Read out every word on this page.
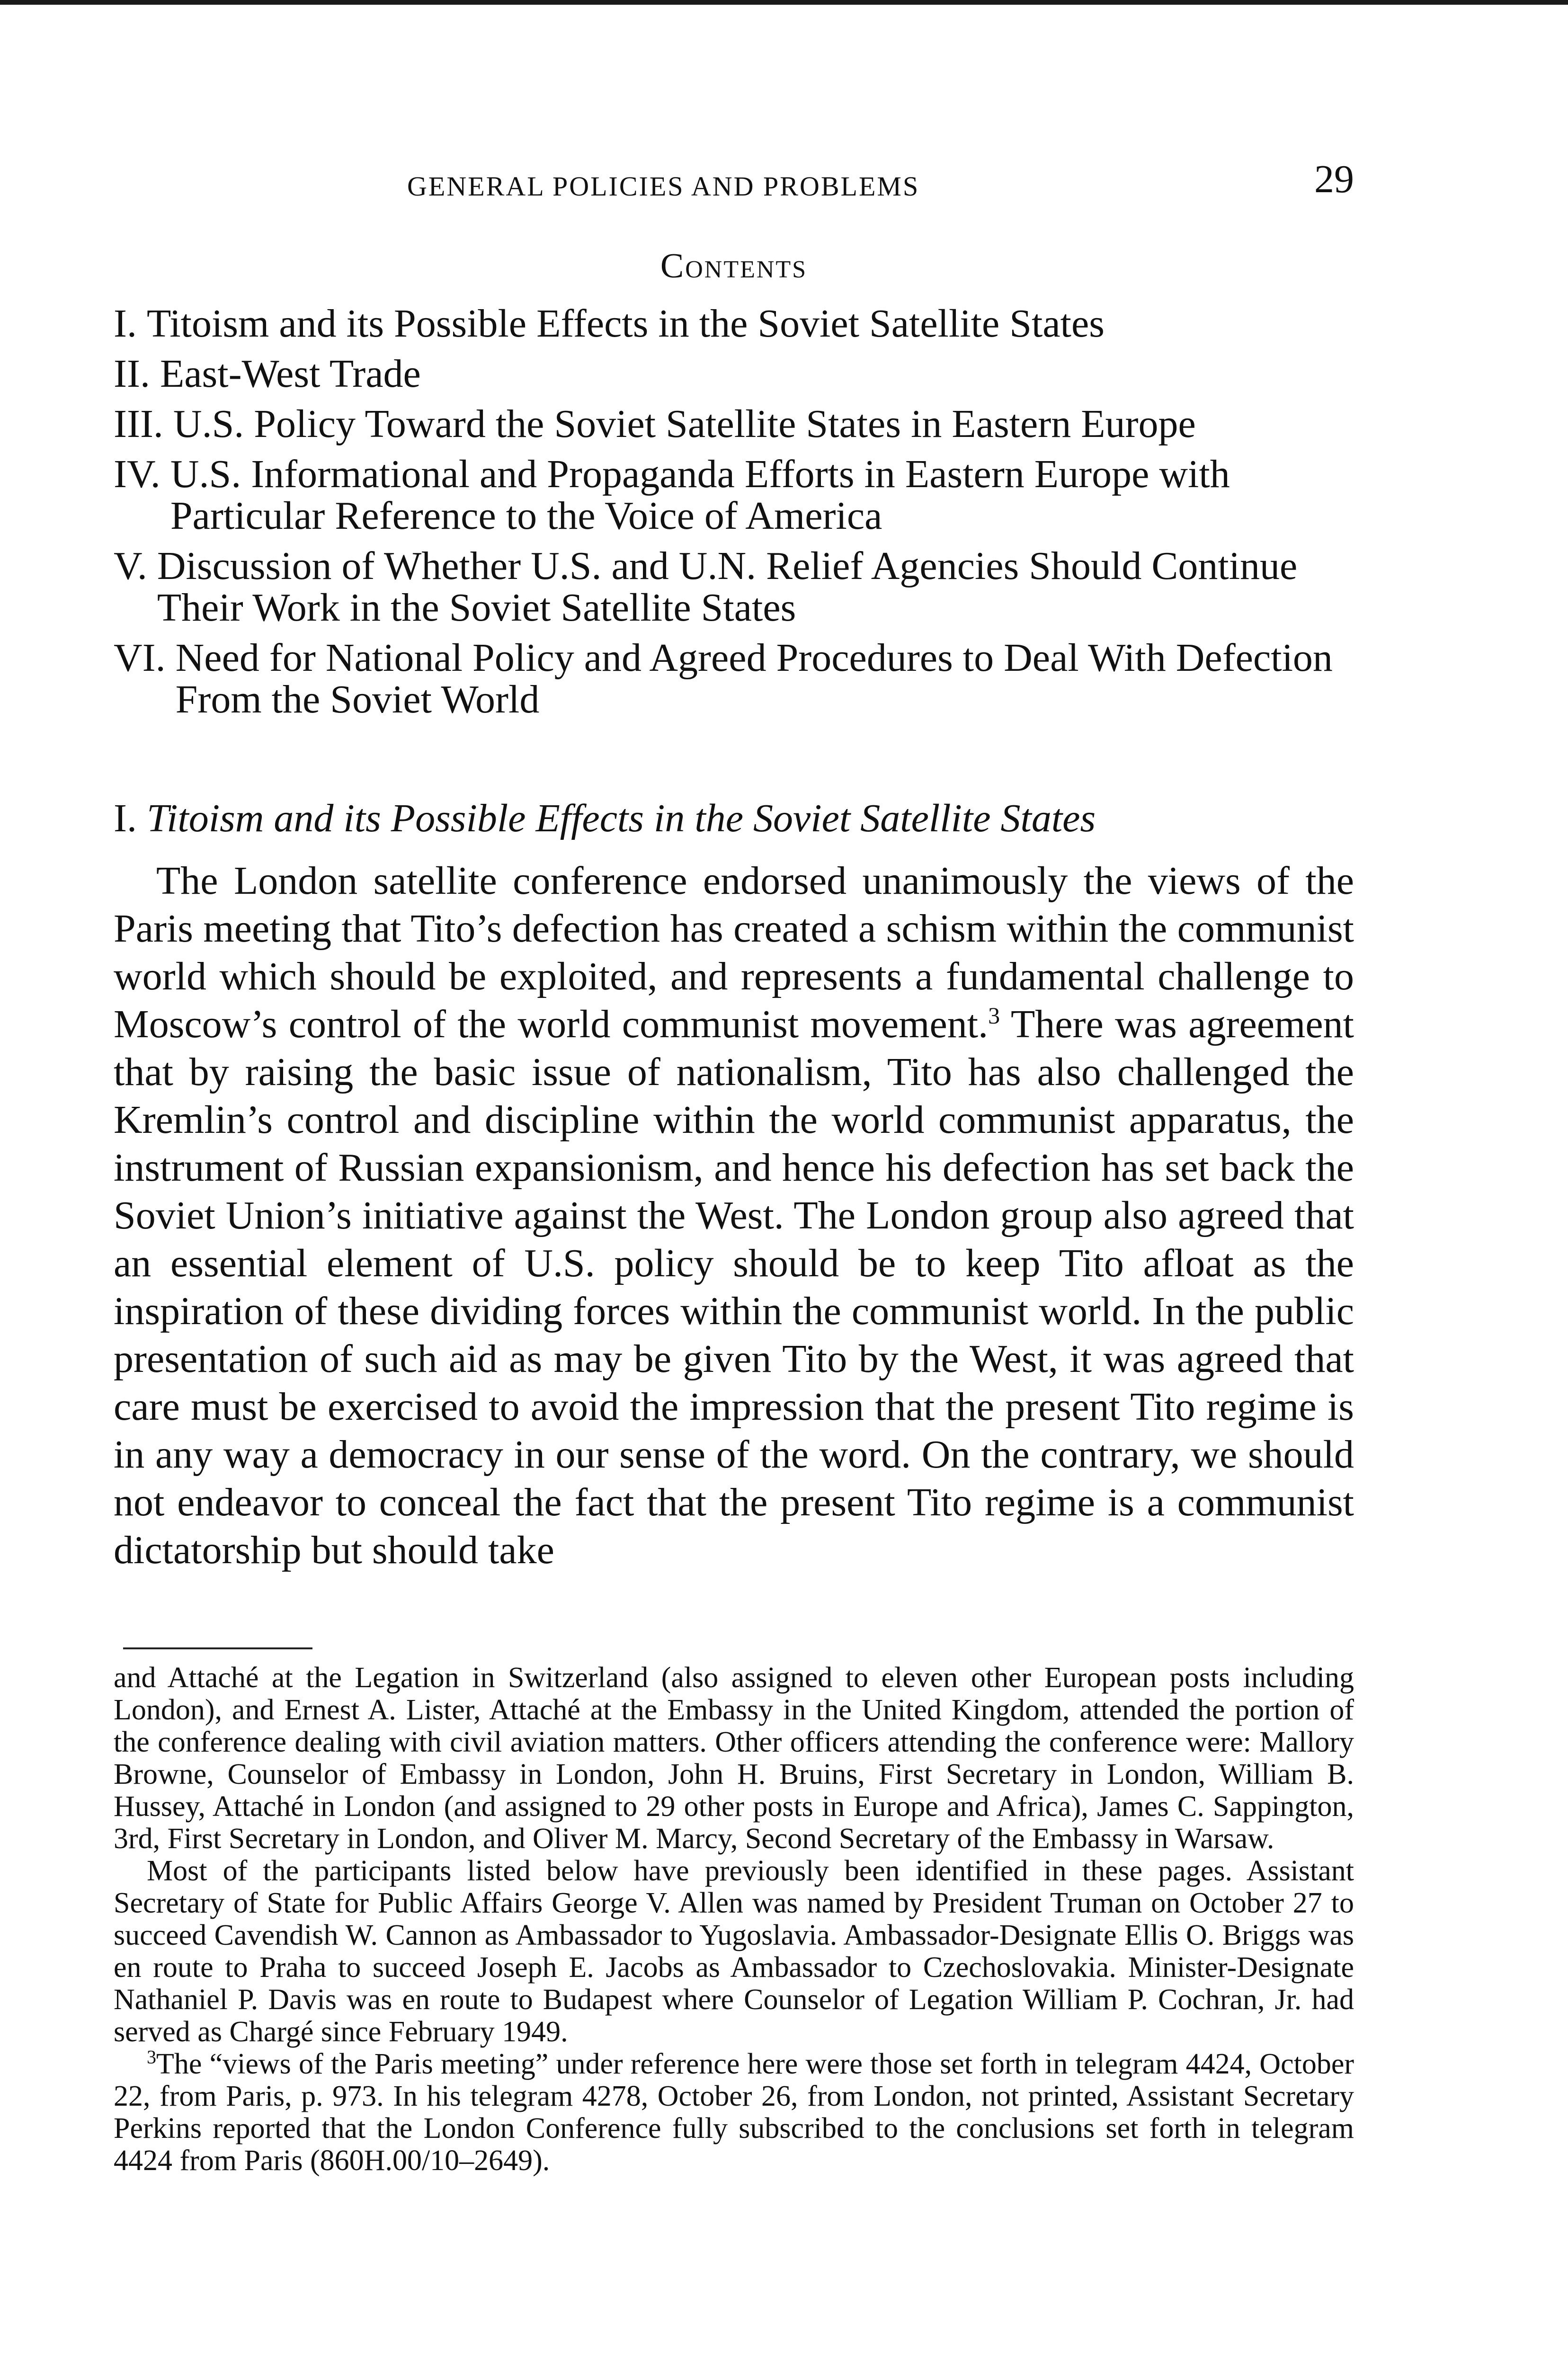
GENERAL POLICIES AND PROBLEMS	29
Contents
I. Titoism and its Possible Effects in the Soviet Satellite States
II. East-West Trade
III. U.S. Policy Toward the Soviet Satellite States in Eastern Europe
IV. U.S. Informational and Propaganda Efforts in Eastern Europe with Particular Reference to the Voice of America
V. Discussion of Whether U.S. and U.N. Relief Agencies Should Continue Their Work in the Soviet Satellite States
VI. Need for National Policy and Agreed Procedures to Deal With Defection From the Soviet World
I. Titoism and its Possible Effects in the Soviet Satellite States

The London satellite conference endorsed unanimously the views of the Paris meeting that Tito’s defection has created a schism within the communist world which should be exploited, and represents a fundamental challenge to Moscow’s control of the world communist movement.$^3$ There was agreement that by raising the basic issue of nationalism, Tito has also challenged the Kremlin’s control and discipline within the world communist apparatus, the instrument of Russian expansionism, and hence his defection has set back the Soviet Union’s initiative against the West. The London group also agreed that an essential element of U.S. policy should be to keep Tito afloat as the inspiration of these dividing forces within the communist world. In the public presentation of such aid as may be given Tito by the West, it was agreed that care must be exercised to avoid the impression that the present Tito regime is in any way a democracy in our sense of the word. On the contrary, we should not endeavor to conceal the fact that the present Tito regime is a communist dictatorship but should take

and Attaché at the Legation in Switzerland (also assigned to eleven other European posts including London), and Ernest A. Lister, Attaché at the Embassy in the United Kingdom, attended the portion of the conference dealing with civil aviation matters. Other officers attending the conference were: Mallory Browne, Counselor of Embassy in London, John H. Bruins, First Secretary in London, William B. Hussey, Attaché in London (and assigned to 29 other posts in Europe and Africa), James C. Sappington, 3rd, First Secretary in London, and Oliver M. Marcy, Second Secretary of the Embassy in Warsaw.

Most of the participants listed below have previously been identified in these pages. Assistant Secretary of State for Public Affairs George V. Allen was named by President Truman on October 27 to succeed Cavendish W. Cannon as Ambassador to Yugoslavia. Ambassador-Designate Ellis O. Briggs was en route to Praha to succeed Joseph E. Jacobs as Ambassador to Czechoslovakia. Minister-Designate Nathaniel P. Davis was en route to Budapest where Counselor of Legation William P. Cochran, Jr. had served as Chargé since February 1949.

$^3$The “views of the Paris meeting” under reference here were those set forth in telegram 4424, October 22, from Paris, p. 973. In his telegram 4278, October 26, from London, not printed, Assistant Secretary Perkins reported that the London Conference fully subscribed to the conclusions set forth in telegram 4424 from Paris (860H.00/10–2649).
